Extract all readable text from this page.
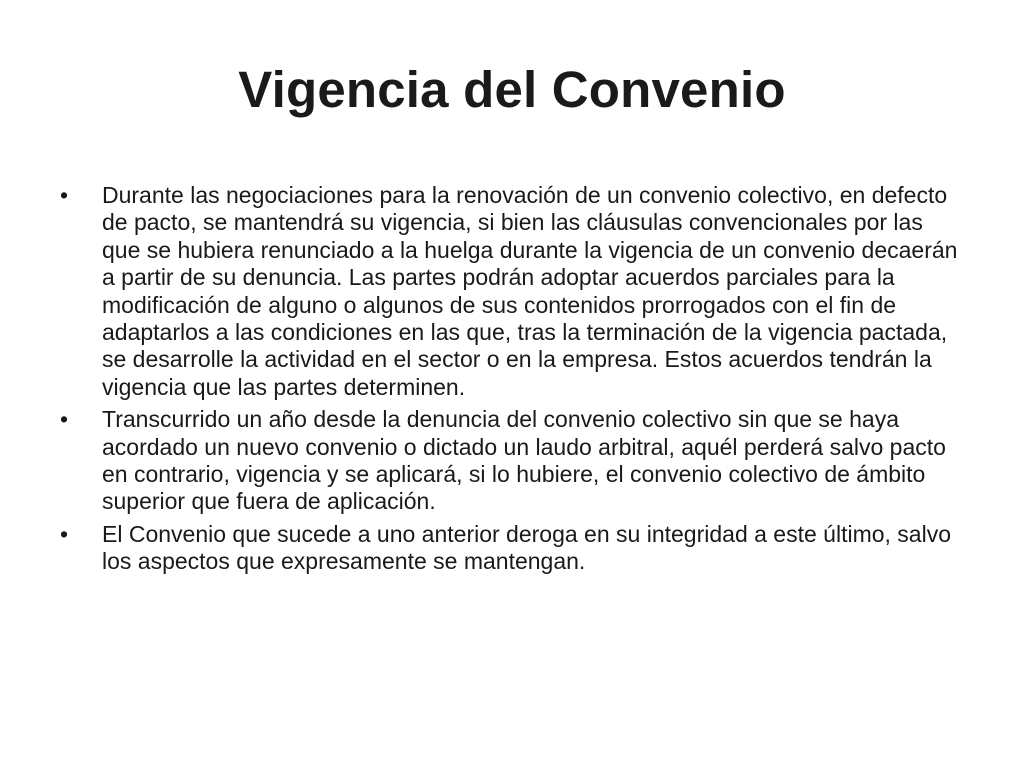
Vigencia del Convenio
• Durante las negociaciones para la renovación de un convenio colectivo, en defecto de pacto, se mantendrá su vigencia, si bien las cláusulas convencionales por las que se hubiera renunciado a la huelga durante la vigencia de un convenio decaerán a partir de su denuncia. Las partes podrán adoptar acuerdos parciales para la modificación de alguno o algunos de sus contenidos prorrogados con el fin de adaptarlos a las condiciones en las que, tras la terminación de la vigencia pactada, se desarrolle la actividad en el sector o en la empresa. Estos acuerdos tendrán la vigencia que las partes determinen.
• Transcurrido un año desde la denuncia del convenio colectivo sin que se haya acordado un nuevo convenio o dictado un laudo arbitral, aquél perderá salvo pacto en contrario, vigencia y se aplicará, si lo hubiere, el convenio colectivo de ámbito superior que fuera de aplicación.
• El Convenio que sucede a uno anterior deroga en su integridad a este último, salvo los aspectos que expresamente se mantengan.
